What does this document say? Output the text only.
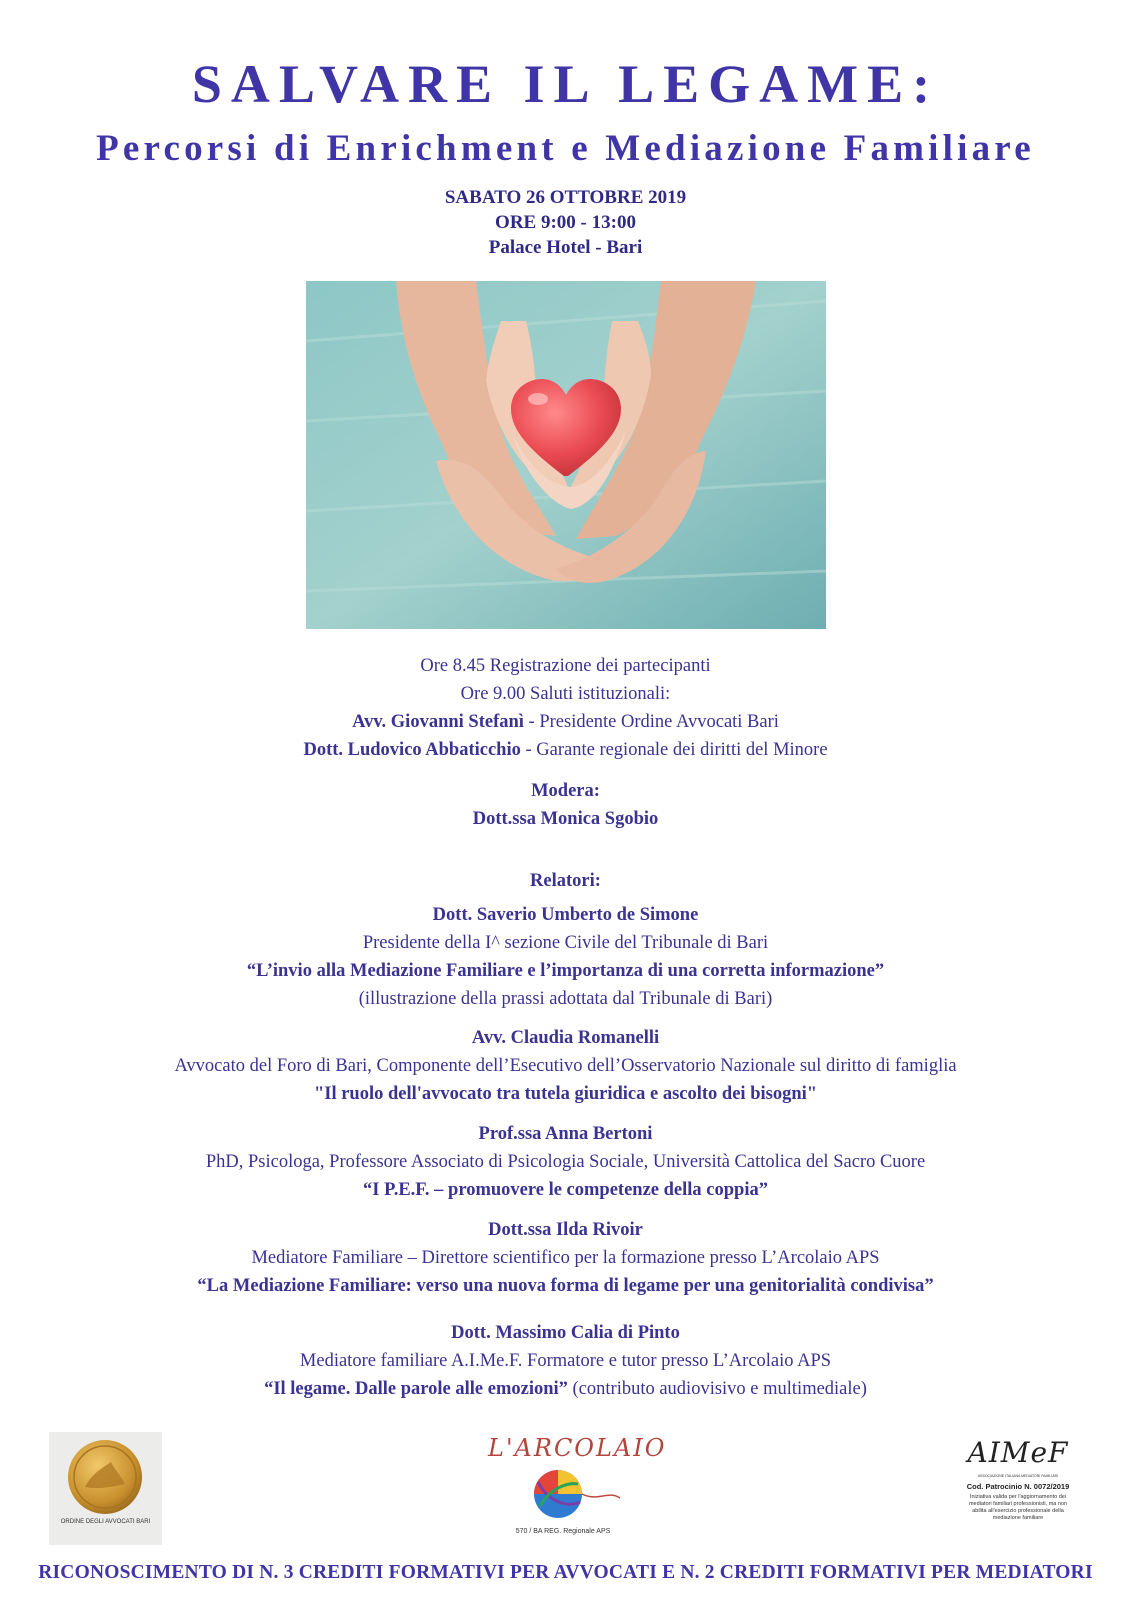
SALVARE IL LEGAME:
Percorsi di Enrichment e Mediazione Familiare
SABATO 26 OTTOBRE 2019
ORE 9:00 - 13:00
Palace Hotel - Bari
Ore 8.45 Registrazione dei partecipanti
Ore 9.00 Saluti istituzionali:
Avv. Giovanni Stefanì - Presidente Ordine Avvocati Bari
Dott. Ludovico Abbaticchio - Garante regionale dei diritti del Minore
Modera:
Dott.ssa Monica Sgobio
Relatori:
Dott. Saverio Umberto de Simone
Presidente della I^ sezione Civile del Tribunale di Bari
“L’invio alla Mediazione Familiare e l’importanza di una corretta informazione”
(illustrazione della prassi adottata dal Tribunale di Bari)
Avv. Claudia Romanelli
Avvocato del Foro di Bari, Componente dell’Esecutivo dell’Osservatorio Nazionale sul diritto di famiglia
"Il ruolo dell'avvocato tra tutela giuridica e ascolto dei bisogni"
Prof.ssa Anna Bertoni
PhD, Psicologa, Professore Associato di Psicologia Sociale, Università Cattolica del Sacro Cuore
“I P.E.F. – promuovere le competenze della coppia”
Dott.ssa Ilda Rivoir
Mediatore Familiare – Direttore scientifico per la formazione presso L’Arcolaio APS
“La Mediazione Familiare: verso una nuova forma di legame per una genitorialità condivisa”
Dott. Massimo Calia di Pinto
Mediatore familiare A.I.Me.F. Formatore e tutor presso L’Arcolaio APS
“Il legame. Dalle parole alle emozioni” (contributo audiovisivo e multimediale)
ORDINE DEGLI AVVOCATI BARI
L'ARCOLAIO
570 / BA REG. Regionale APS
AIMeF
ASSOCIAZIONE ITALIANA MEDIATORI FAMILIARI
Cod. Patrocinio N. 0072/2019
Iniziativa valida per l'aggiornamento dei mediatori familiari professionisti, ma non abilita all'esercizio professionale della mediazione familiare
RICONOSCIMENTO DI N. 3 CREDITI FORMATIVI PER AVVOCATI E N. 2 CREDITI FORMATIVI PER MEDIATORI
